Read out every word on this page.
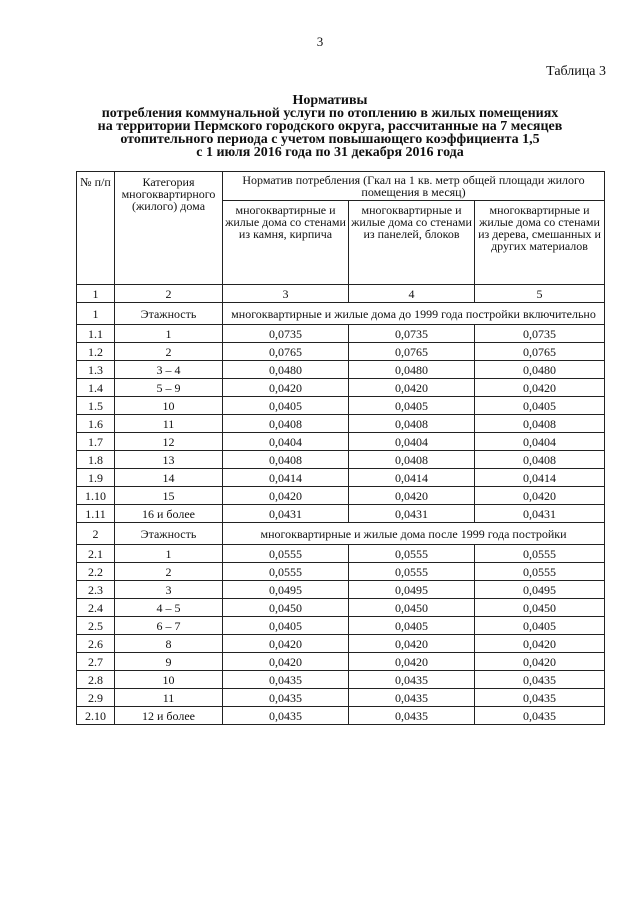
3
Таблица 3
Нормативы
потребления коммунальной услуги по отоплению в жилых помещениях
на территории Пермского городского округа, рассчитанные на 7 месяцев
отопительного периода с учетом повышающего коэффициента 1,5
с 1 июля 2016 года по 31 декабря 2016 года
№ п/п	Категория многоквартирного (жилого) дома	Норматив потребления (Гкал на 1 кв. метр общей площади жилого помещения в месяц)		
		многоквартирные и жилые дома со стенами из камня, кирпича	многоквартирные и жилые дома со стенами из панелей, блоков	многоквартирные и жилые дома со стенами из дерева, смешанных и других материалов
1	2	3	4	5
1	Этажность	многоквартирные и жилые дома до 1999 года постройки включительно		
1.1	1	0,0735	0,0735	0,0735
1.2	2	0,0765	0,0765	0,0765
1.3	3 – 4	0,0480	0,0480	0,0480
1.4	5 – 9	0,0420	0,0420	0,0420
1.5	10	0,0405	0,0405	0,0405
1.6	11	0,0408	0,0408	0,0408
1.7	12	0,0404	0,0404	0,0404
1.8	13	0,0408	0,0408	0,0408
1.9	14	0,0414	0,0414	0,0414
1.10	15	0,0420	0,0420	0,0420
1.11	16 и более	0,0431	0,0431	0,0431
2	Этажность	многоквартирные и жилые дома после 1999 года постройки		
2.1	1	0,0555	0,0555	0,0555
2.2	2	0,0555	0,0555	0,0555
2.3	3	0,0495	0,0495	0,0495
2.4	4 – 5	0,0450	0,0450	0,0450
2.5	6 – 7	0,0405	0,0405	0,0405
2.6	8	0,0420	0,0420	0,0420
2.7	9	0,0420	0,0420	0,0420
2.8	10	0,0435	0,0435	0,0435
2.9	11	0,0435	0,0435	0,0435
2.10	12 и более	0,0435	0,0435	0,0435
